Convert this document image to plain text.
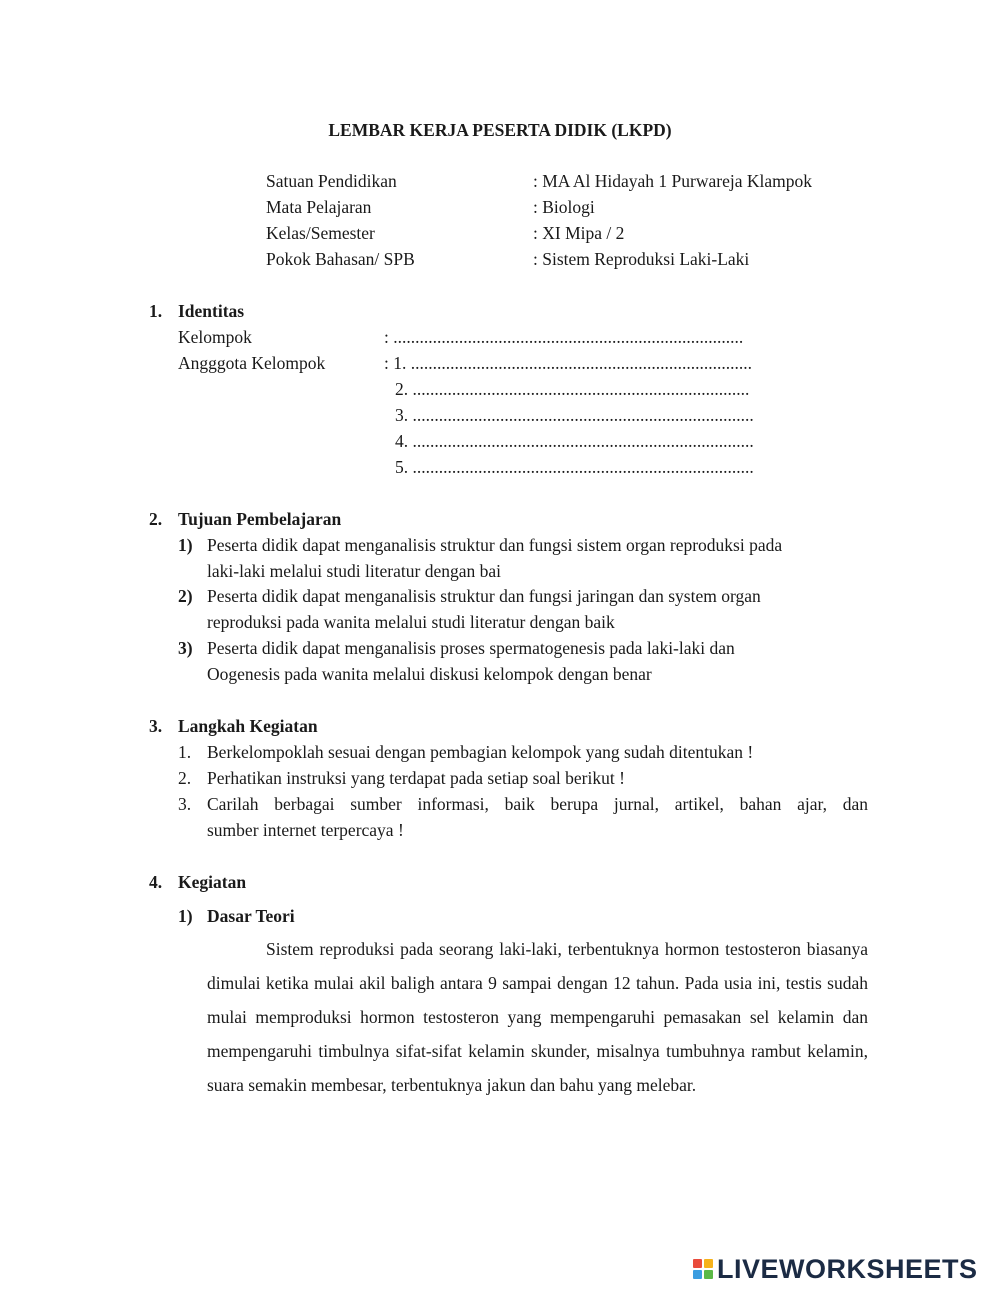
LEMBAR KERJA PESERTA DIDIK (LKPD)
Satuan Pendidikan	: MA Al Hidayah 1 Purwareja Klampok
Mata Pelajaran	: Biologi
Kelas/Semester	: XI Mipa / 2
Pokok Bahasan/ SPB	: Sistem Reproduksi Laki-Laki
1. Identitas
Kelompok	: ................................................................................
Angggota Kelompok	: 1. ..............................................................................
2. .............................................................................
3. ..............................................................................
4. ..............................................................................
5. ..............................................................................
2. Tujuan Pembelajaran
1) Peserta didik dapat menganalisis struktur dan fungsi sistem organ reproduksi pada
laki-laki melalui studi literatur dengan bai
2) Peserta didik dapat menganalisis struktur dan fungsi jaringan dan system organ
reproduksi pada wanita melalui studi literatur dengan baik
3) Peserta didik dapat menganalisis proses spermatogenesis pada laki-laki dan
Oogenesis pada wanita melalui diskusi kelompok dengan benar
3. Langkah Kegiatan
1. Berkelompoklah sesuai dengan pembagian kelompok yang sudah ditentukan !
2. Perhatikan instruksi yang terdapat pada setiap soal berikut !
3. Carilah berbagai sumber informasi, baik berupa jurnal, artikel, bahan ajar, dan
sumber internet terpercaya !
4. Kegiatan
1) Dasar Teori
Sistem reproduksi pada seorang laki-laki, terbentuknya hormon testosteron biasanya dimulai ketika mulai akil baligh antara 9 sampai dengan 12 tahun. Pada usia ini, testis sudah mulai memproduksi hormon testosteron yang mempengaruhi pemasakan sel kelamin dan mempengaruhi timbulnya sifat-sifat kelamin skunder, misalnya tumbuhnya rambut kelamin, suara semakin membesar, terbentuknya jakun dan bahu yang melebar.
LIVEWORKSHEETS
